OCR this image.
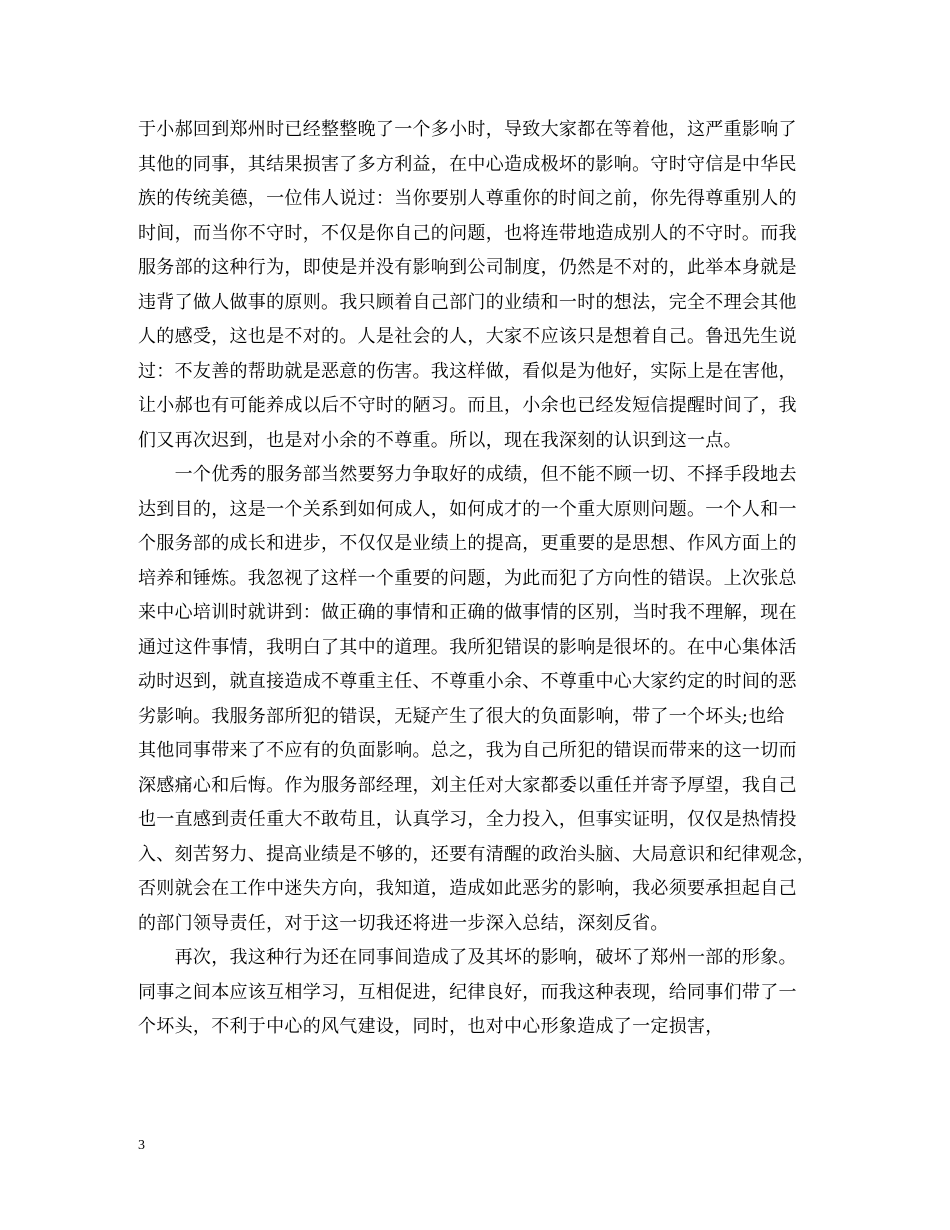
于小郝回到郑州时已经整整晚了一个多小时，导致大家都在等着他，这严重影响了
其他的同事，其结果损害了多方利益，在中心造成极坏的影响。守时守信是中华民
族的传统美德，一位伟人说过：当你要别人尊重你的时间之前，你先得尊重别人的
时间，而当你不守时，不仅是你自己的问题，也将连带地造成别人的不守时。而我
服务部的这种行为，即使是并没有影响到公司制度，仍然是不对的，此举本身就是
违背了做人做事的原则。我只顾着自己部门的业绩和一时的想法，完全不理会其他
人的感受，这也是不对的。人是社会的人，大家不应该只是想着自己。鲁迅先生说
过：不友善的帮助就是恶意的伤害。我这样做，看似是为他好，实际上是在害他，
让小郝也有可能养成以后不守时的陋习。而且，小余也已经发短信提醒时间了，我
们又再次迟到，也是对小余的不尊重。所以，现在我深刻的认识到这一点。
　　一个优秀的服务部当然要努力争取好的成绩，但不能不顾一切、不择手段地去
达到目的，这是一个关系到如何成人，如何成才的一个重大原则问题。一个人和一
个服务部的成长和进步，不仅仅是业绩上的提高，更重要的是思想、作风方面上的
培养和锤炼。我忽视了这样一个重要的问题，为此而犯了方向性的错误。上次张总
来中心培训时就讲到：做正确的事情和正确的做事情的区别，当时我不理解，现在
通过这件事情，我明白了其中的道理。我所犯错误的影响是很坏的。在中心集体活
动时迟到，就直接造成不尊重主任、不尊重小余、不尊重中心大家约定的时间的恶
劣影响。我服务部所犯的错误，无疑产生了很大的负面影响，带了一个坏头;也给
其他同事带来了不应有的负面影响。总之，我为自己所犯的错误而带来的这一切而
深感痛心和后悔。作为服务部经理，刘主任对大家都委以重任并寄予厚望，我自己
也一直感到责任重大不敢苟且，认真学习，全力投入，但事实证明，仅仅是热情投
入、刻苦努力、提高业绩是不够的，还要有清醒的政治头脑、大局意识和纪律观念，
否则就会在工作中迷失方向，我知道，造成如此恶劣的影响，我必须要承担起自己
的部门领导责任，对于这一切我还将进一步深入总结，深刻反省。
　　再次，我这种行为还在同事间造成了及其坏的影响，破坏了郑州一部的形象。
同事之间本应该互相学习，互相促进，纪律良好，而我这种表现，给同事们带了一
个坏头，不利于中心的风气建设，同时，也对中心形象造成了一定损害，
3
